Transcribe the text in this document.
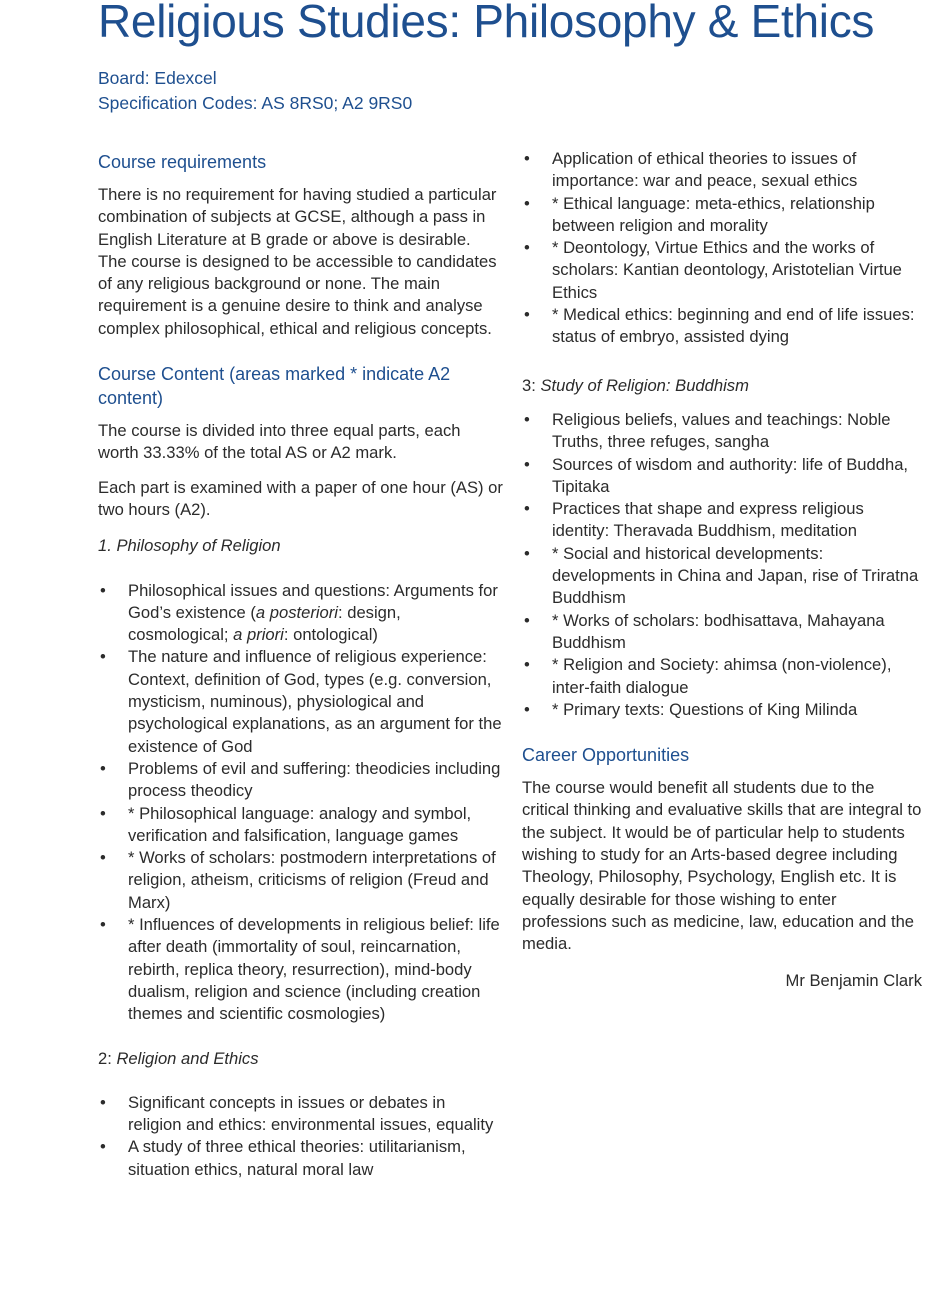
Religious Studies: Philosophy & Ethics
Board: Edexcel
Specification Codes: AS 8RS0; A2 9RS0
Course requirements

There is no requirement for having studied a particular combination of subjects at GCSE, although a pass in English Literature at B grade or above is desirable. The course is designed to be accessible to candidates of any religious background or none. The main requirement is a genuine desire to think and analyse complex philosophical, ethical and religious concepts.

Course Content (areas marked * indicate A2 content)

The course is divided into three equal parts, each worth 33.33% of the total AS or A2 mark.

Each part is examined with a paper of one hour (AS) or two hours (A2).

1. Philosophy of Religion

• Philosophical issues and questions: Arguments for God’s existence (a posteriori: design, cosmological; a priori: ontological)
• The nature and influence of religious experience: Context, definition of God, types (e.g. conversion, mysticism, numinous), physiological and psychological explanations, as an argument for the existence of God
• Problems of evil and suffering: theodicies including process theodicy
• * Philosophical language: analogy and symbol, verification and falsification, language games
• * Works of scholars: postmodern interpretations of religion, atheism, criticisms of religion (Freud and Marx)
• * Influences of developments in religious belief: life after death (immortality of soul, reincarnation, rebirth, replica theory, resurrection), mind-body dualism, religion and science (including creation themes and scientific cosmologies)

2: Religion and Ethics

• Significant concepts in issues or debates in religion and ethics: environmental issues, equality
• A study of three ethical theories: utilitarianism, situation ethics, natural moral law
• Application of ethical theories to issues of importance: war and peace, sexual ethics
• * Ethical language: meta-ethics, relationship between religion and morality
• * Deontology, Virtue Ethics and the works of scholars: Kantian deontology, Aristotelian Virtue Ethics
• * Medical ethics: beginning and end of life issues: status of embryo, assisted dying

3: Study of Religion: Buddhism

• Religious beliefs, values and teachings: Noble Truths, three refuges, sangha
• Sources of wisdom and authority: life of Buddha, Tipitaka
• Practices that shape and express religious identity: Theravada Buddhism, meditation
• * Social and historical developments: developments in China and Japan, rise of Triratna Buddhism
• * Works of scholars: bodhisattava, Mahayana Buddhism
• * Religion and Society: ahimsa (non-violence), inter-faith dialogue
• * Primary texts: Questions of King Milinda
Career Opportunities

The course would benefit all students due to the critical thinking and evaluative skills that are integral to the subject. It would be of particular help to students wishing to study for an Arts-based degree including Theology, Philosophy, Psychology, English etc. It is equally desirable for those wishing to enter professions such as medicine, law, education and the media.

Mr Benjamin Clark
